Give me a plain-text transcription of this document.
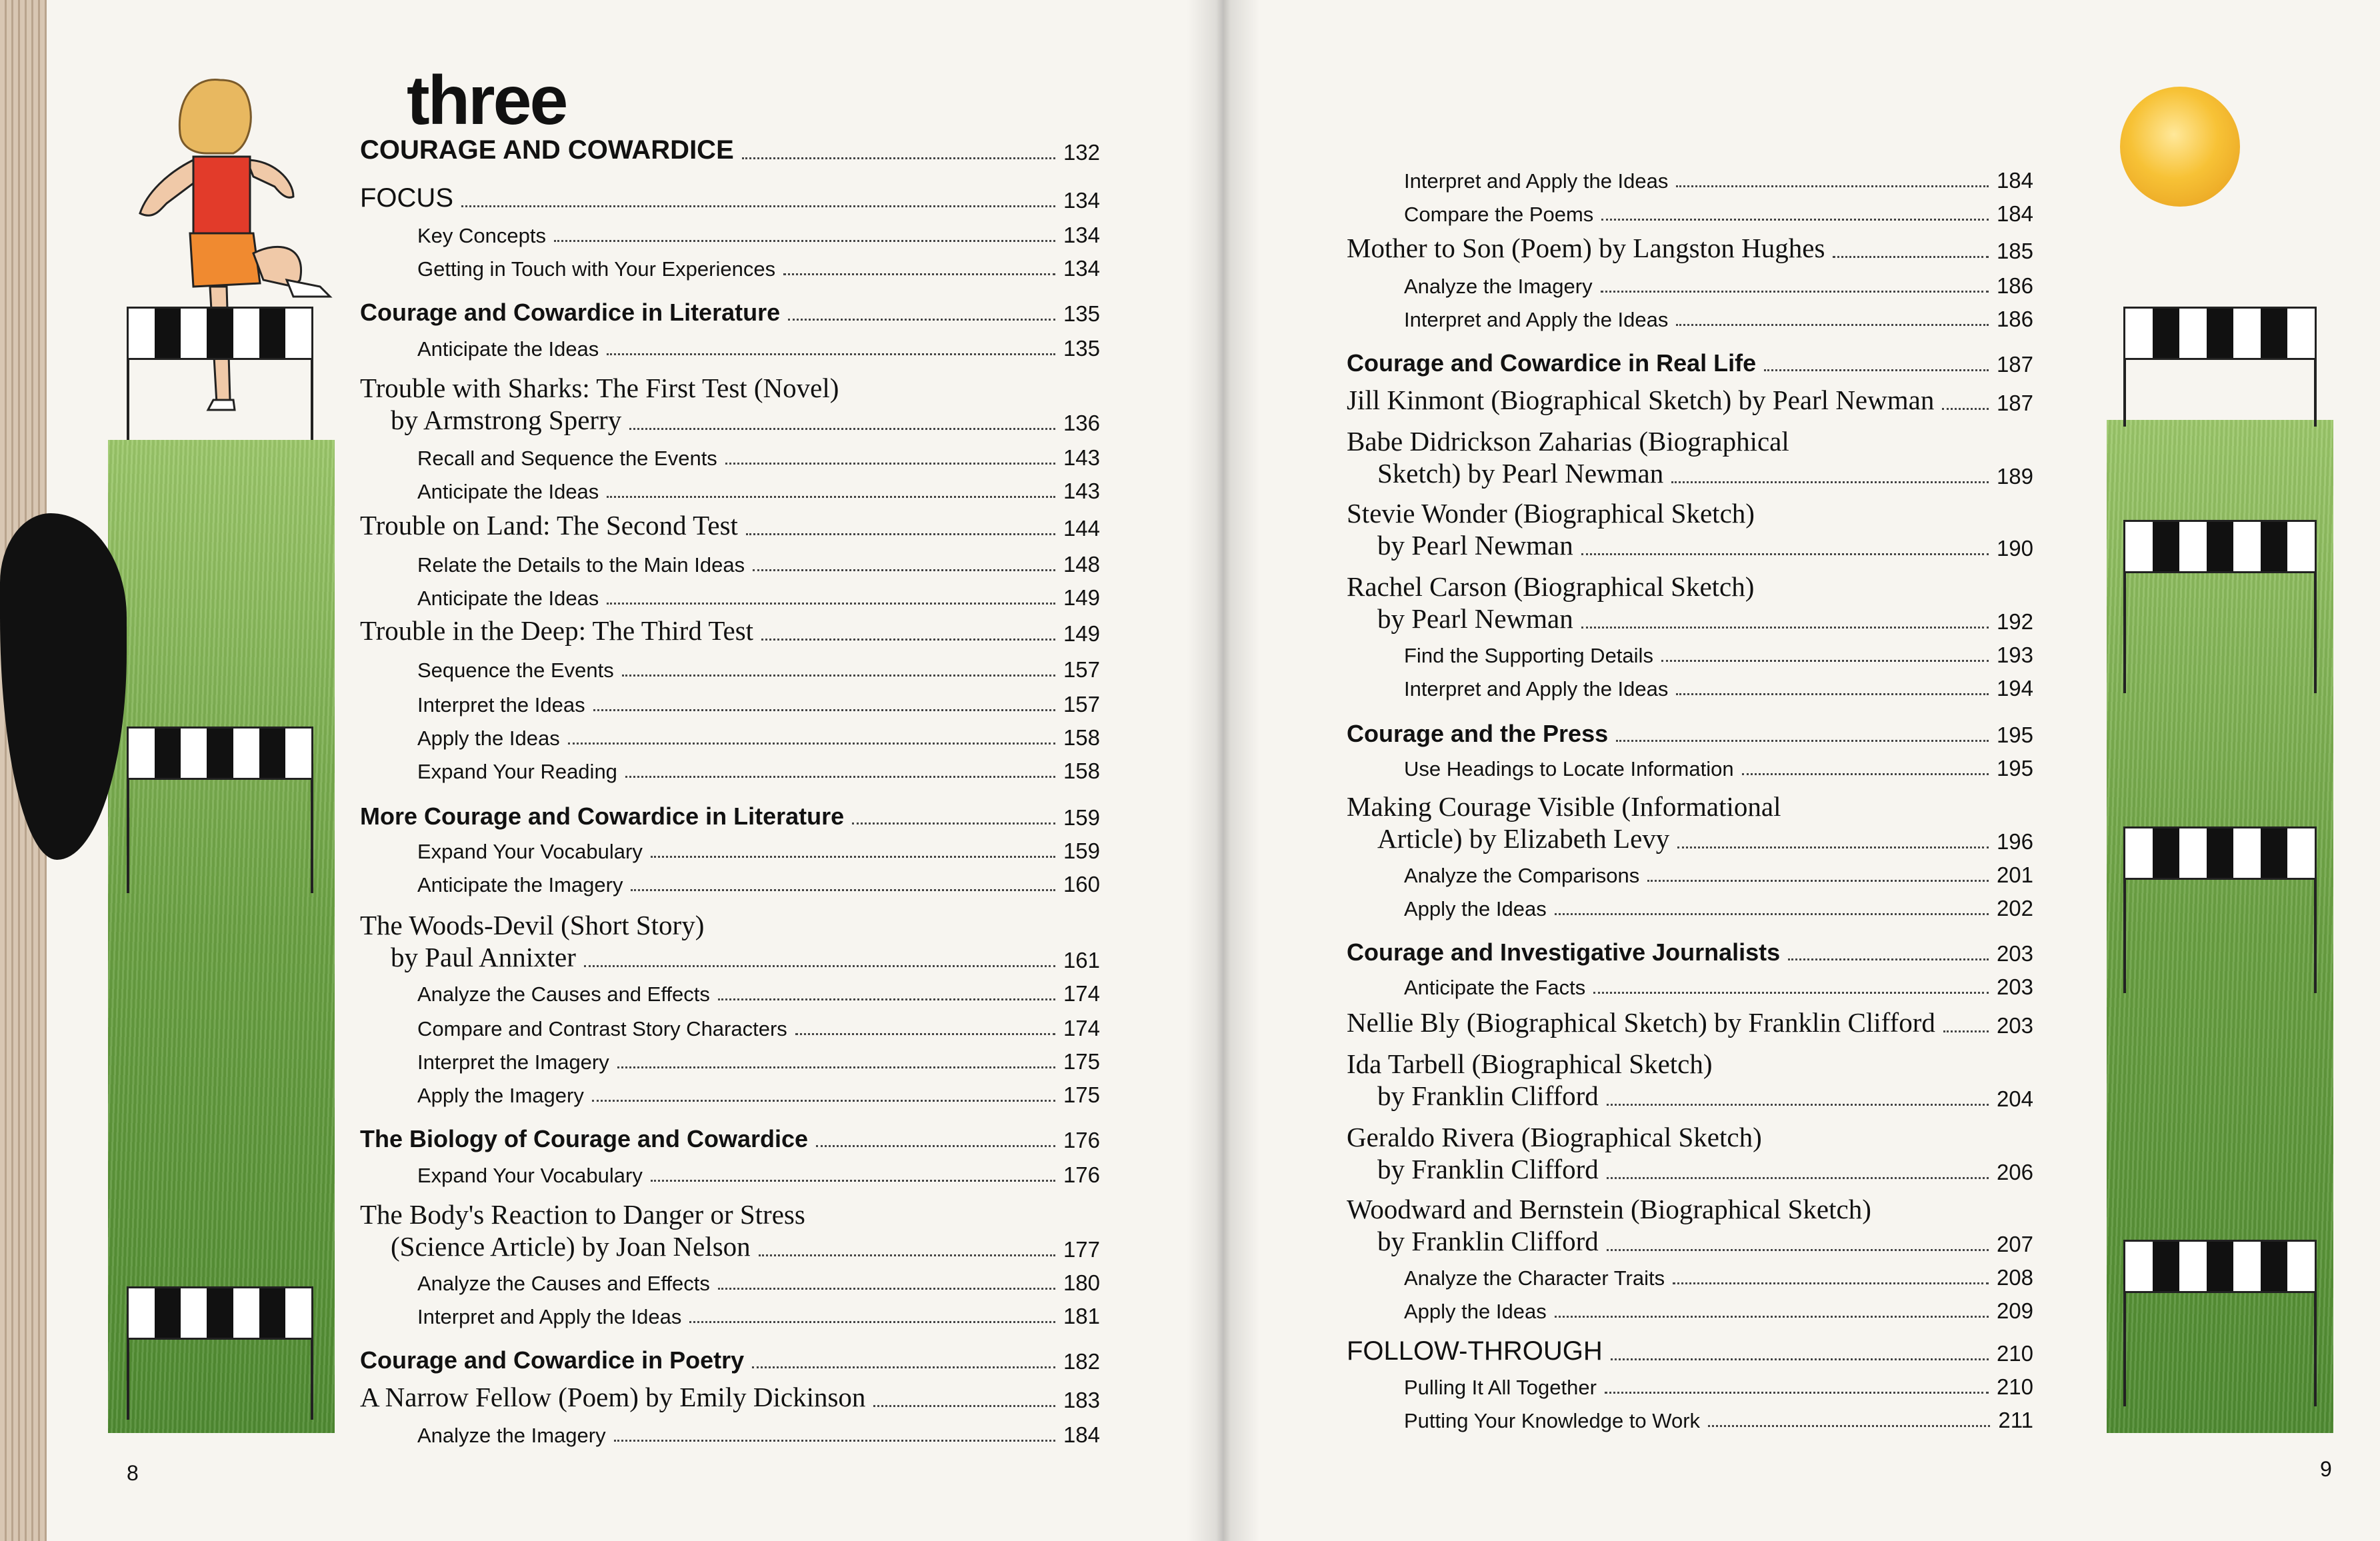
three
COURAGE AND COWARDICE	132
FOCUS	134
Key Concepts	134
Getting in Touch with Your Experiences	134
Courage and Cowardice in Literature	135
Anticipate the Ideas	135
Trouble with Sharks: The First Test (Novel)
by Armstrong Sperry	136
Recall and Sequence the Events	143
Anticipate the Ideas	143
Trouble on Land: The Second Test	144
Relate the Details to the Main Ideas	148
Anticipate the Ideas	149
Trouble in the Deep: The Third Test	149
Sequence the Events	157
Interpret the Ideas	157
Apply the Ideas	158
Expand Your Reading	158
More Courage and Cowardice in Literature	159
Expand Your Vocabulary	159
Anticipate the Imagery	160
The Woods-Devil (Short Story)
by Paul Annixter	161
Analyze the Causes and Effects	174
Compare and Contrast Story Characters	174
Interpret the Imagery	175
Apply the Imagery	175
The Biology of Courage and Cowardice	176
Expand Your Vocabulary	176
The Body's Reaction to Danger or Stress
(Science Article) by Joan Nelson	177
Analyze the Causes and Effects	180
Interpret and Apply the Ideas	181
Courage and Cowardice in Poetry	182
A Narrow Fellow (Poem) by Emily Dickinson	183
Analyze the Imagery	184
8
Interpret and Apply the Ideas	184
Compare the Poems	184
Mother to Son (Poem) by Langston Hughes	185
Analyze the Imagery	186
Interpret and Apply the Ideas	186
Courage and Cowardice in Real Life	187
Jill Kinmont (Biographical Sketch) by Pearl Newman	187
Babe Didrickson Zaharias (Biographical
Sketch) by Pearl Newman	189
Stevie Wonder (Biographical Sketch)
by Pearl Newman	190
Rachel Carson (Biographical Sketch)
by Pearl Newman	192
Find the Supporting Details	193
Interpret and Apply the Ideas	194
Courage and the Press	195
Use Headings to Locate Information	195
Making Courage Visible (Informational
Article) by Elizabeth Levy	196
Analyze the Comparisons	201
Apply the Ideas	202
Courage and Investigative Journalists	203
Anticipate the Facts	203
Nellie Bly (Biographical Sketch) by Franklin Clifford	203
Ida Tarbell (Biographical Sketch)
by Franklin Clifford	204
Geraldo Rivera (Biographical Sketch)
by Franklin Clifford	206
Woodward and Bernstein (Biographical Sketch)
by Franklin Clifford	207
Analyze the Character Traits	208
Apply the Ideas	209
FOLLOW-THROUGH	210
Pulling It All Together	210
Putting Your Knowledge to Work	211
9
